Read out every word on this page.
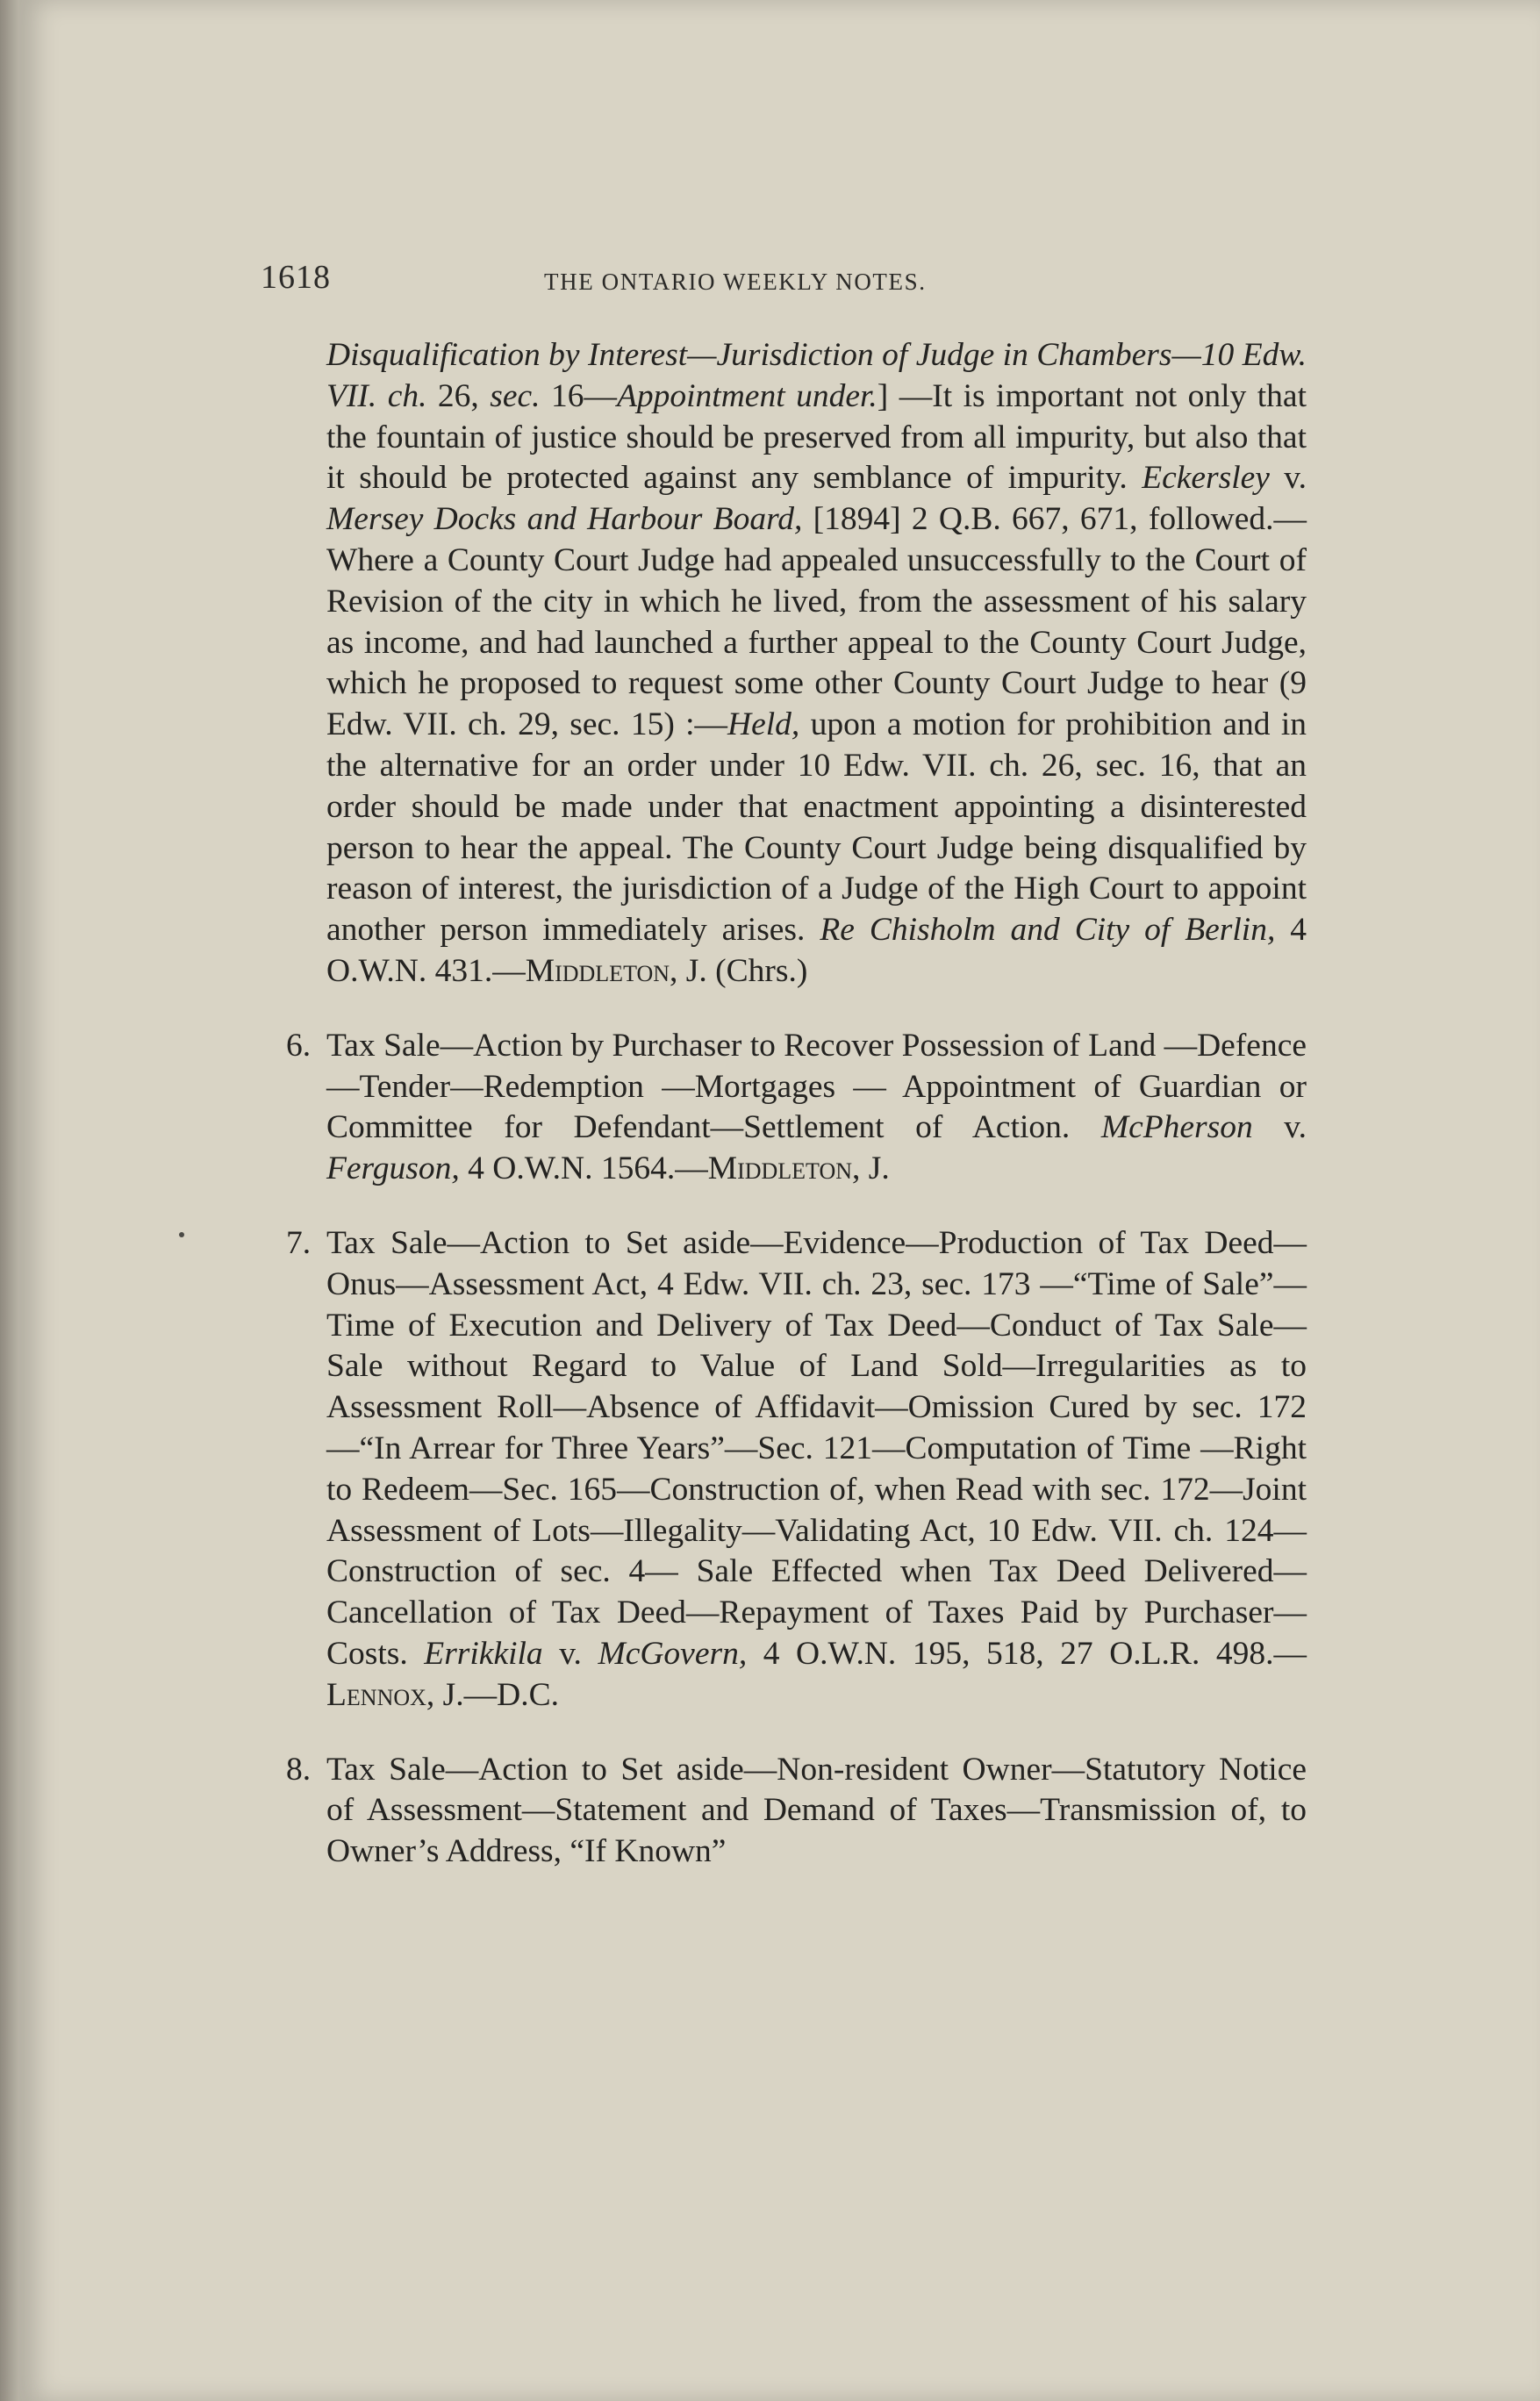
1618	THE ONTARIO WEEKLY NOTES.

Disqualification by Interest—Jurisdiction of Judge in Chambers—10 Edw. VII. ch. 26, sec. 16—Appointment under.] —It is important not only that the fountain of justice should be preserved from all impurity, but also that it should be protected against any semblance of impurity. Eckersley v. Mersey Docks and Harbour Board, [1894] 2 Q.B. 667, 671, followed.—Where a County Court Judge had appealed unsuccessfully to the Court of Revision of the city in which he lived, from the assessment of his salary as income, and had launched a further appeal to the County Court Judge, which he proposed to request some other County Court Judge to hear (9 Edw. VII. ch. 29, sec. 15) :—Held, upon a motion for prohibition and in the alternative for an order under 10 Edw. VII. ch. 26, sec. 16, that an order should be made under that enactment appointing a disinterested person to hear the appeal. The County Court Judge being disqualified by reason of interest, the jurisdiction of a Judge of the High Court to appoint another person immediately arises. Re Chisholm and City of Berlin, 4 O.W.N. 431.—Middleton, J. (Chrs.)

6. Tax Sale—Action by Purchaser to Recover Possession of Land —Defence—Tender—Redemption —Mortgages — Appointment of Guardian or Committee for Defendant—Settlement of Action. McPherson v. Ferguson, 4 O.W.N. 1564.—Middleton, J.

7. Tax Sale—Action to Set aside—Evidence—Production of Tax Deed—Onus—Assessment Act, 4 Edw. VII. ch. 23, sec. 173 —“Time of Sale”—Time of Execution and Delivery of Tax Deed—Conduct of Tax Sale—Sale without Regard to Value of Land Sold—Irregularities as to Assessment Roll—Absence of Affidavit—Omission Cured by sec. 172—“In Arrear for Three Years”—Sec. 121—Computation of Time —Right to Redeem—Sec. 165—Construction of, when Read with sec. 172—Joint Assessment of Lots—Illegality—Validating Act, 10 Edw. VII. ch. 124—Construction of sec. 4— Sale Effected when Tax Deed Delivered—Cancellation of Tax Deed—Repayment of Taxes Paid by Purchaser—Costs. Errikkila v. McGovern, 4 O.W.N. 195, 518, 27 O.L.R. 498.— Lennox, J.—D.C.

8. Tax Sale—Action to Set aside—Non-resident Owner—Statutory Notice of Assessment—Statement and Demand of Taxes—Transmission of, to Owner’s Address, “If Known”
